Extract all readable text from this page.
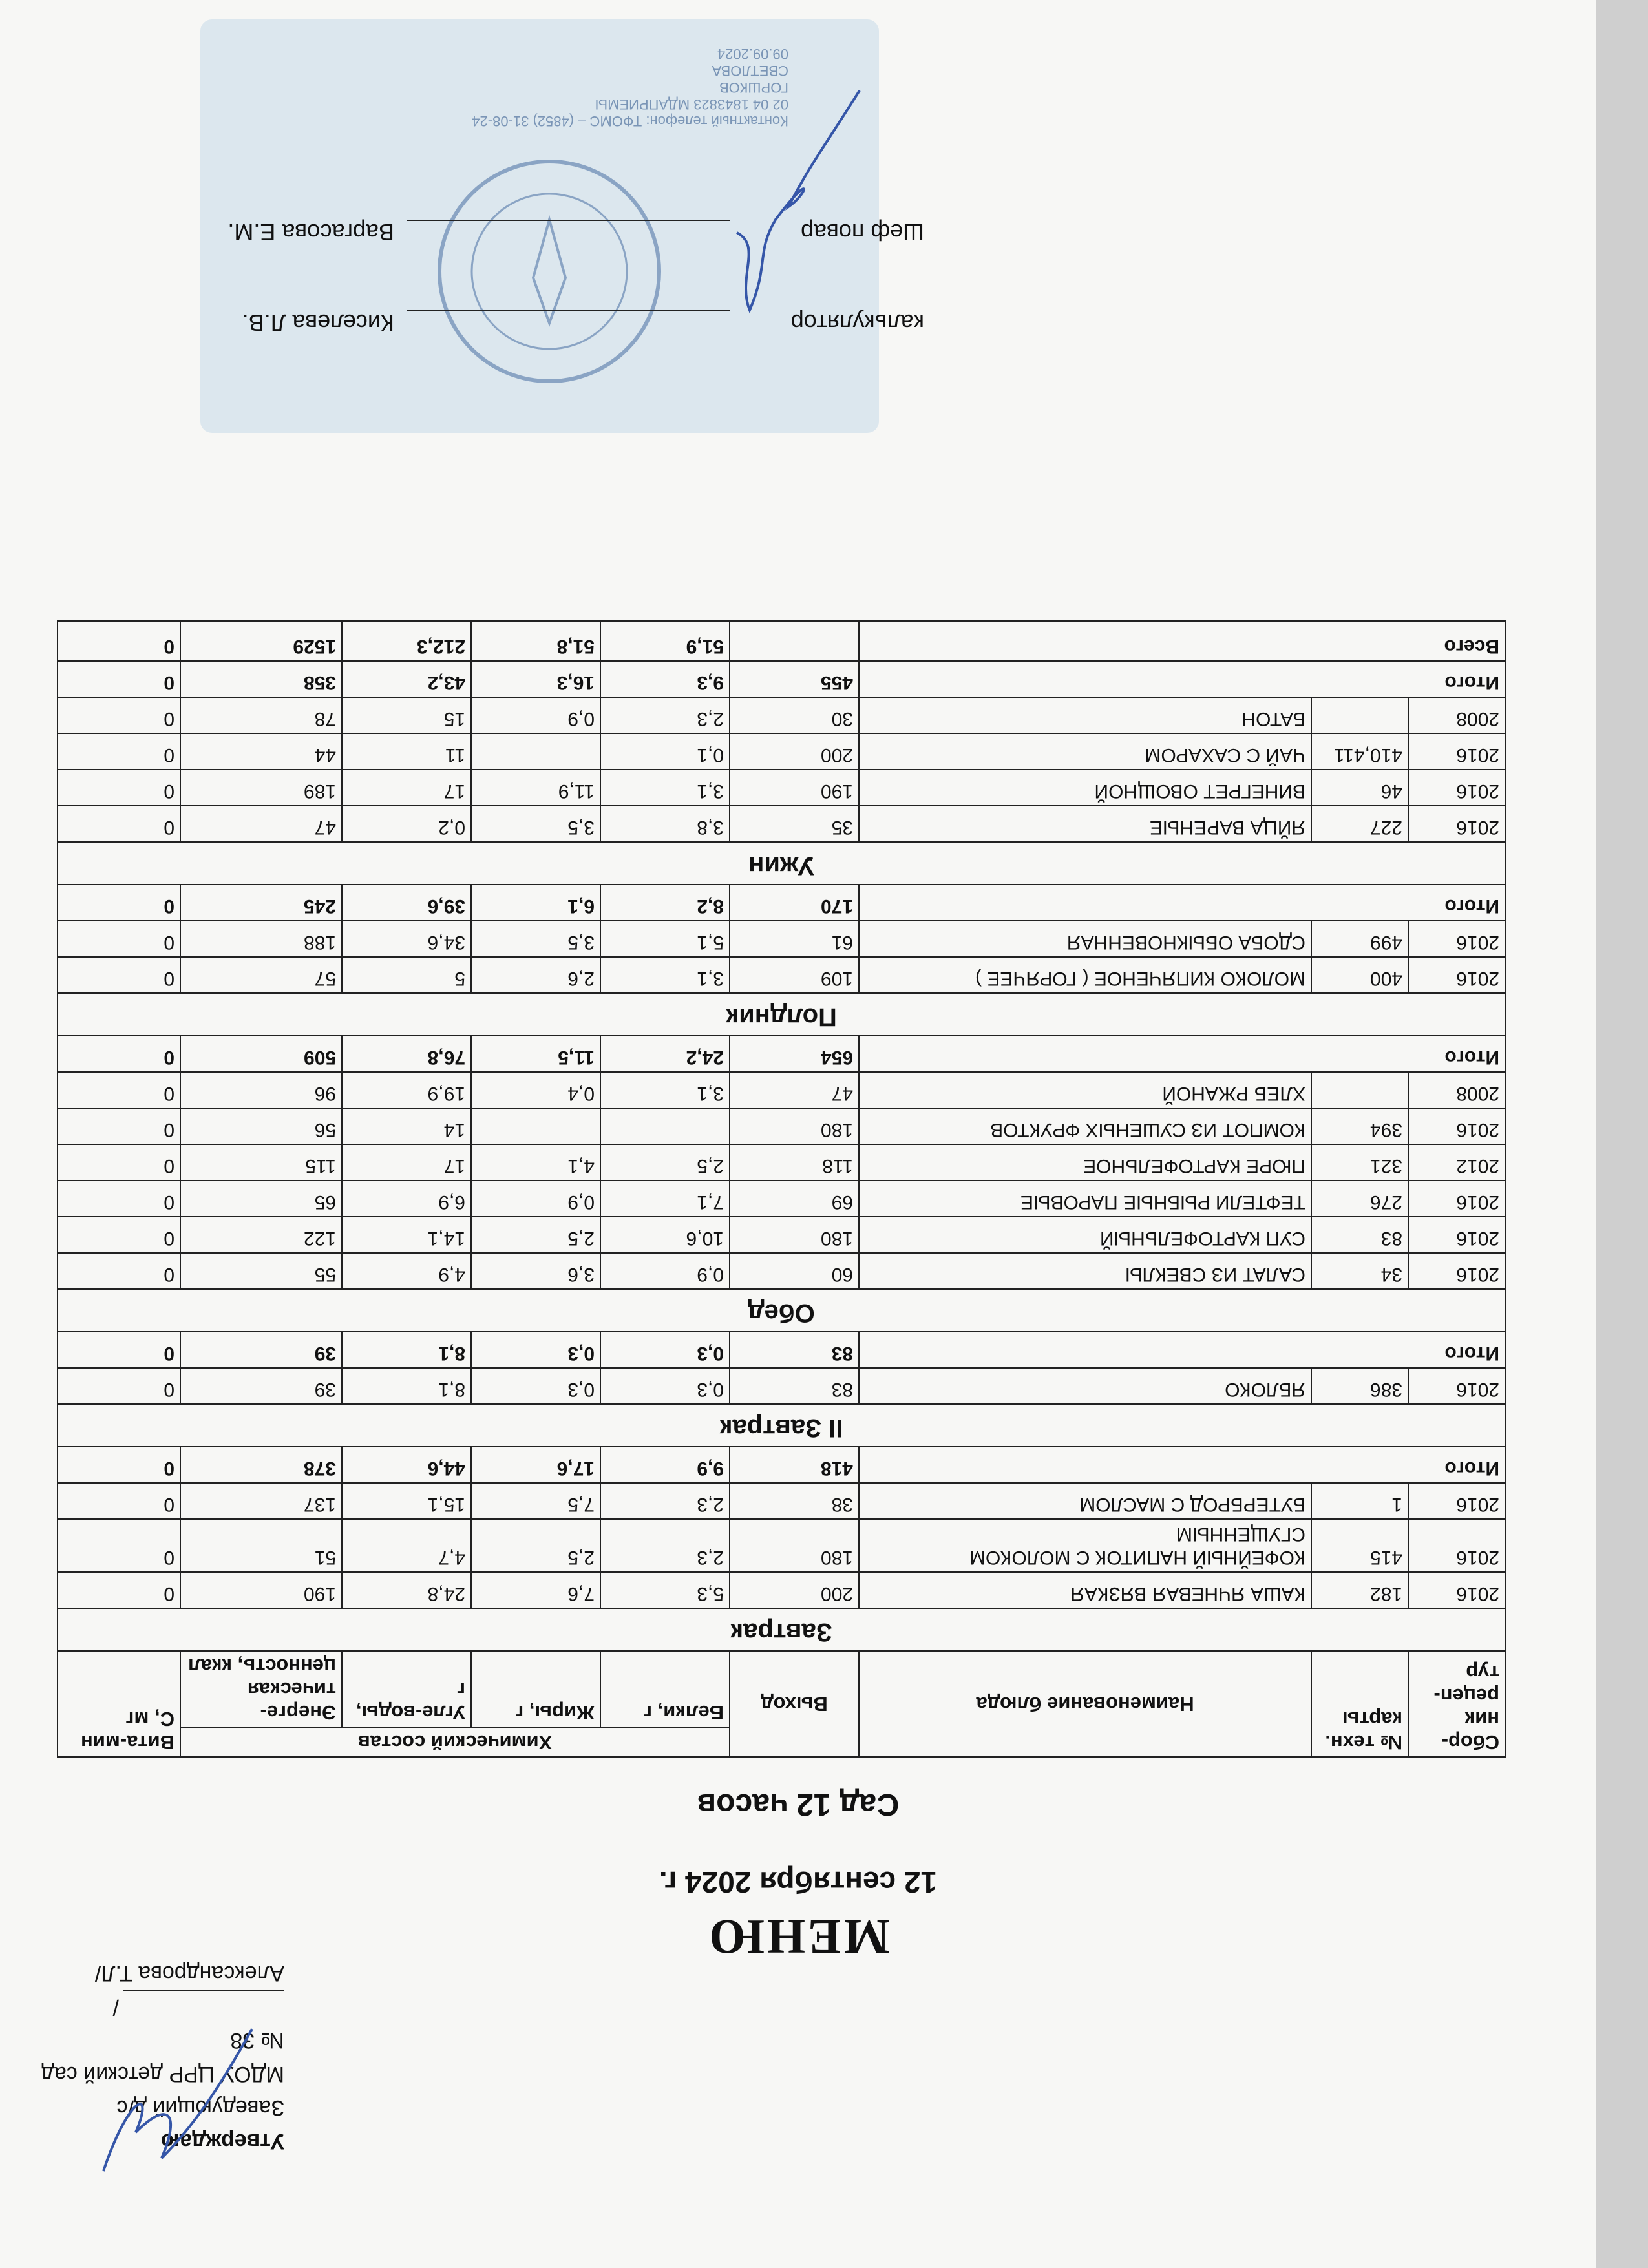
Утверждаю
Заведующий д/с
МДОУ ЦРР детский сад № 38
/Александрова Т.Л/
МЕНЮ
12 сентября 2024 г.
Сад 12 часов
Сбор-ник рецеп-тур	№ техн. карты	Наименование блюда	Выход	Химический состав				Вита-мин С, мг
				Белки, г	Жиры, г	Угле-воды, г	Энерге-тическая ценность, ккал	
Завтрак								
2016	182	КАША ЯЧНЕВАЯ ВЯЗКАЯ	200	5,3	7,6	24,8	190	0
2016	415	КОФЕЙНЫЙ НАПИТОК С МОЛОКОМ СГУЩЕННЫМ	180	2,3	2,5	4,7	51	0
2016	1	БУТЕРБРОД С МАСЛОМ	38	2,3	7,5	15,1	137	0
Итого			418	9,9	17,6	44,6	378	0
II Завтрак								
2016	386	ЯБЛОКО	83	0,3	0,3	8,1	39	0
Итого			83	0,3	0,3	8,1	39	0
Обед								
2016	34	САЛАТ ИЗ СВЕКЛЫ	60	0,9	3,6	4,9	55	0
2016	83	СУП КАРТОФЕЛЬНЫЙ	180	10,6	2,5	14,1	122	0
2016	276	ТЕФТЕЛИ РЫБНЫЕ ПАРОВЫЕ	69	7,1	0,9	6,9	65	0
2012	321	ПЮРЕ КАРТОФЕЛЬНОЕ	118	2,5	4,1	17	115	0
2016	394	КОМПОТ ИЗ СУШЕНЫХ ФРУКТОВ	180			14	56	0
2008		ХЛЕБ РЖАНОЙ	47	3,1	0,4	19,9	96	0
Итого			654	24,2	11,5	76,8	509	0
Полдник								
2016	400	МОЛОКО КИПЯЧЕНОЕ ( ГОРЯЧЕЕ )	109	3,1	2,6	5	57	0
2016	499	СДОБА ОБЫКНОВЕННАЯ	61	5,1	3,5	34,6	188	0
Итого			170	8,2	6,1	39,6	245	0
Ужин								
2016	227	ЯЙЦА ВАРЕНЫЕ	35	3,8	3,5	0,2	47	0
2016	46	ВИНЕГРЕТ ОВОЩНОЙ	190	3,1	11,9	17	189	0
2016	410,411	ЧАЙ С САХАРОМ	200	0,1		11	44	0
2008		БАТОН	30	2,3	0,9	15	78	0
Итого			455	9,3	16,3	43,2	358	0
Всего				51,9	51,8	212,3	1529	0
Контактный телефон: ТФОМС – (4852) 31-08-24
02 04 1843823 МДАПРИЕМЫ
ГОРШКОВ
СВЕТЛОВА
09.09.2024
калькулятор
Киселева Л.В.
Шеф повар
Варгасова Е.М.
